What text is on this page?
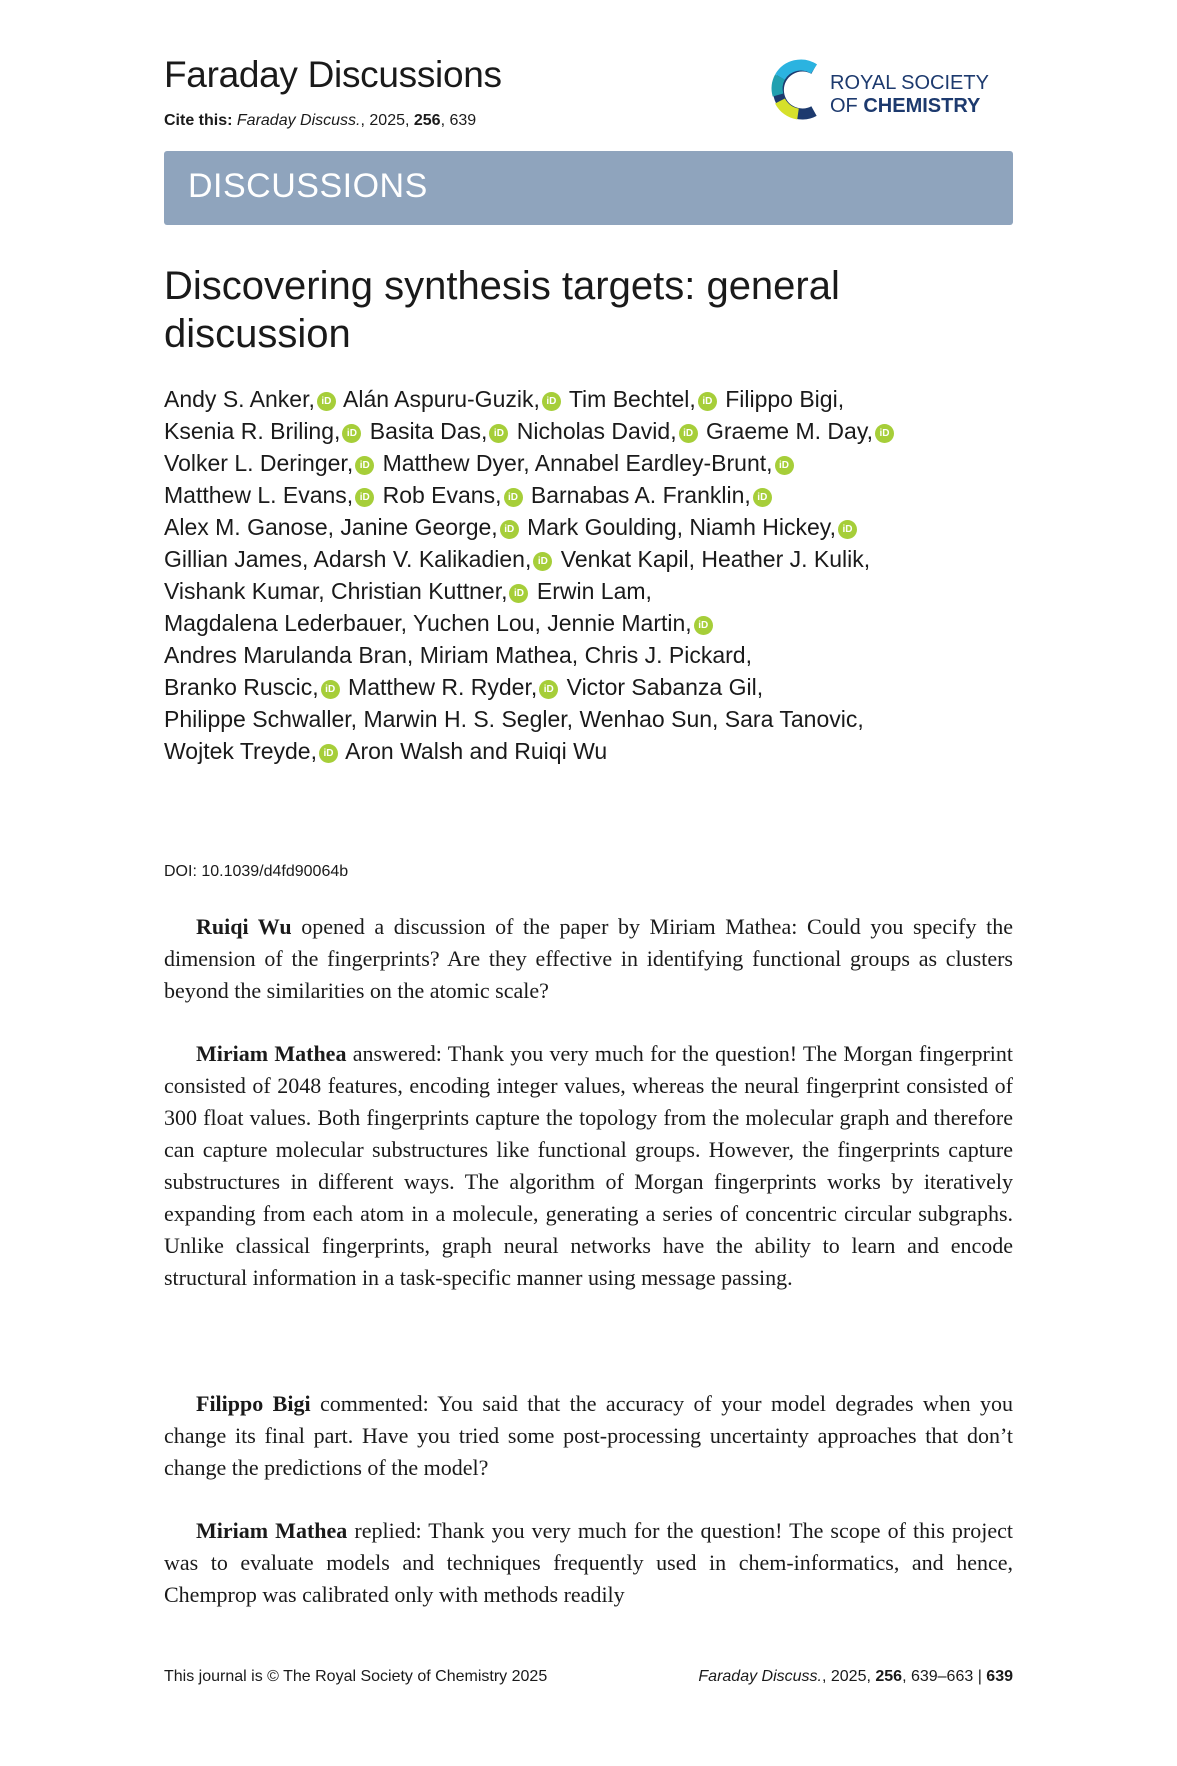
Faraday Discussions
Cite this: Faraday Discuss., 2025, 256, 639
ROYAL SOCIETY
OF CHEMISTRY
DISCUSSIONS
Discovering synthesis targets: general discussion
Andy S. Anker, iD Alán Aspuru-Guzik, iD Tim Bechtel, iD Filippo Bigi,
Ksenia R. Briling, iD Basita Das, iD Nicholas David, iD Graeme M. Day, iD
Volker L. Deringer, iD Matthew Dyer, Annabel Eardley-Brunt, iD
Matthew L. Evans, iD Rob Evans, iD Barnabas A. Franklin, iD
Alex M. Ganose, Janine George, iD Mark Goulding, Niamh Hickey, iD
Gillian James, Adarsh V. Kalikadien, iD Venkat Kapil, Heather J. Kulik,
Vishank Kumar, Christian Kuttner, iD Erwin Lam,
Magdalena Lederbauer, Yuchen Lou, Jennie Martin, iD
Andres Marulanda Bran, Miriam Mathea, Chris J. Pickard,
Branko Ruscic, iD Matthew R. Ryder, iD Victor Sabanza Gil,
Philippe Schwaller, Marwin H. S. Segler, Wenhao Sun, Sara Tanovic,
Wojtek Treyde, iD Aron Walsh and Ruiqi Wu
DOI: 10.1039/d4fd90064b
Ruiqi Wu opened a discussion of the paper by Miriam Mathea: Could you specify the dimension of the fingerprints? Are they effective in identifying functional groups as clusters beyond the similarities on the atomic scale?
Miriam Mathea answered: Thank you very much for the question! The Morgan fingerprint consisted of 2048 features, encoding integer values, whereas the neural fingerprint consisted of 300 float values. Both fingerprints capture the topology from the molecular graph and therefore can capture molecular substructures like functional groups. However, the fingerprints capture substructures in different ways. The algorithm of Morgan fingerprints works by iteratively expanding from each atom in a molecule, generating a series of concentric circular subgraphs. Unlike classical fingerprints, graph neural networks have the ability to learn and encode structural information in a task-specific manner using message passing.
Filippo Bigi commented: You said that the accuracy of your model degrades when you change its final part. Have you tried some post-processing uncertainty approaches that don’t change the predictions of the model?
Miriam Mathea replied: Thank you very much for the question! The scope of this project was to evaluate models and techniques frequently used in chem-informatics, and hence, Chemprop was calibrated only with methods readily
This journal is © The Royal Society of Chemistry 2025	Faraday Discuss., 2025, 256, 639–663 | 639
